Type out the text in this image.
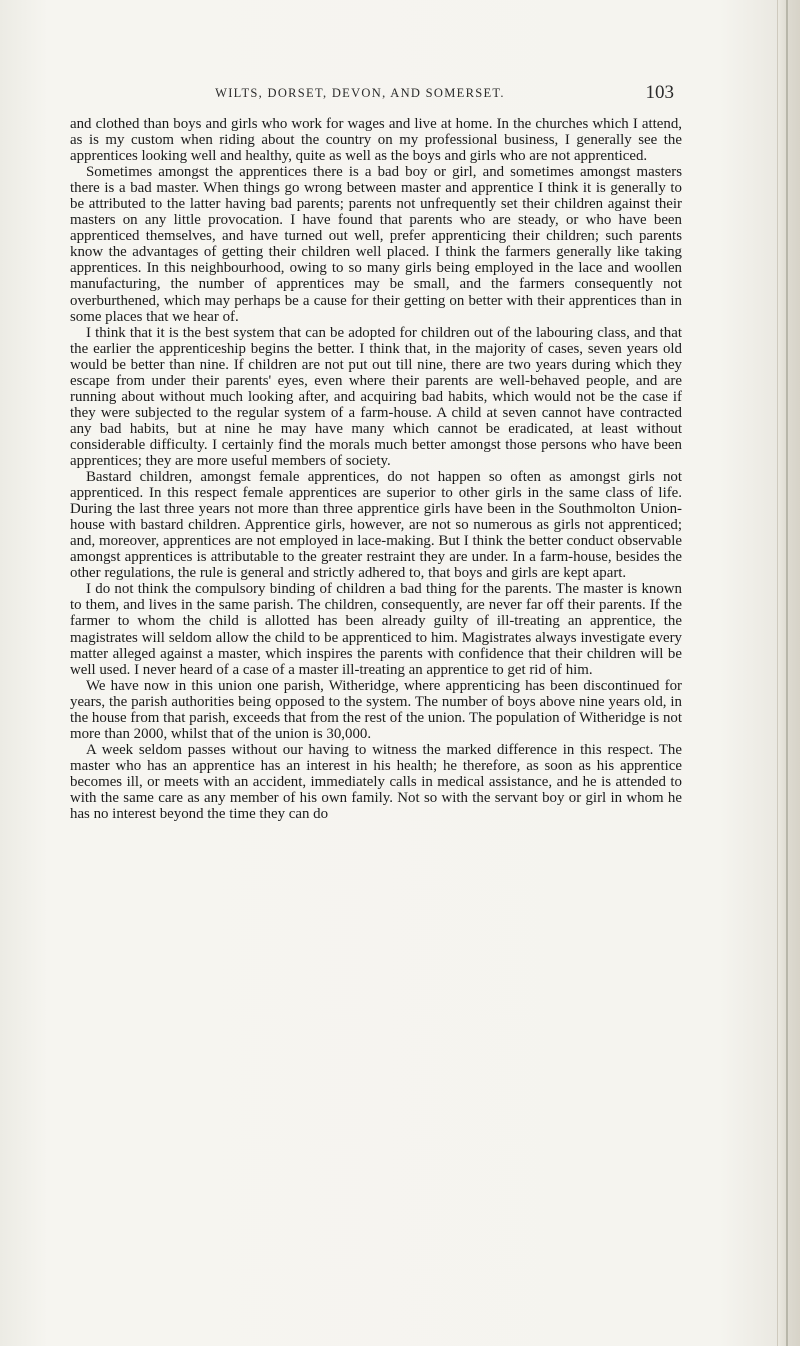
WILTS, DORSET, DEVON, AND SOMERSET.	103

and clothed than boys and girls who work for wages and live at home. In the churches which I attend, as is my custom when riding about the country on my professional business, I generally see the apprentices looking well and healthy, quite as well as the boys and girls who are not apprenticed.

Sometimes amongst the apprentices there is a bad boy or girl, and sometimes amongst masters there is a bad master. When things go wrong between master and apprentice I think it is generally to be attributed to the latter having bad parents; parents not unfrequently set their children against their masters on any little provocation. I have found that parents who are steady, or who have been apprenticed themselves, and have turned out well, prefer apprenticing their children; such parents know the advantages of getting their children well placed. I think the farmers generally like taking apprentices. In this neighbourhood, owing to so many girls being employed in the lace and woollen manufacturing, the number of apprentices may be small, and the farmers consequently not overburthened, which may perhaps be a cause for their getting on better with their apprentices than in some places that we hear of.

I think that it is the best system that can be adopted for children out of the labouring class, and that the earlier the apprenticeship begins the better. I think that, in the majority of cases, seven years old would be better than nine. If children are not put out till nine, there are two years during which they escape from under their parents' eyes, even where their parents are well-behaved people, and are running about without much looking after, and acquiring bad habits, which would not be the case if they were subjected to the regular system of a farm-house. A child at seven cannot have contracted any bad habits, but at nine he may have many which cannot be eradicated, at least without considerable difficulty. I certainly find the morals much better amongst those persons who have been apprentices; they are more useful members of society.

Bastard children, amongst female apprentices, do not happen so often as amongst girls not apprenticed. In this respect female apprentices are superior to other girls in the same class of life. During the last three years not more than three apprentice girls have been in the Southmolton Union-house with bastard children. Apprentice girls, however, are not so numerous as girls not apprenticed; and, moreover, apprentices are not employed in lace-making. But I think the better conduct observable amongst apprentices is attributable to the greater restraint they are under. In a farm-house, besides the other regulations, the rule is general and strictly adhered to, that boys and girls are kept apart.

I do not think the compulsory binding of children a bad thing for the parents. The master is known to them, and lives in the same parish. The children, consequently, are never far off their parents. If the farmer to whom the child is allotted has been already guilty of ill-treating an apprentice, the magistrates will seldom allow the child to be apprenticed to him. Magistrates always investigate every matter alleged against a master, which inspires the parents with confidence that their children will be well used. I never heard of a case of a master ill-treating an apprentice to get rid of him.

We have now in this union one parish, Witheridge, where apprenticing has been discontinued for years, the parish authorities being opposed to the system. The number of boys above nine years old, in the house from that parish, exceeds that from the rest of the union. The population of Witheridge is not more than 2000, whilst that of the union is 30,000.

A week seldom passes without our having to witness the marked difference in this respect. The master who has an apprentice has an interest in his health; he therefore, as soon as his apprentice becomes ill, or meets with an accident, immediately calls in medical assistance, and he is attended to with the same care as any member of his own family. Not so with the servant boy or girl in whom he has no interest beyond the time they can do
